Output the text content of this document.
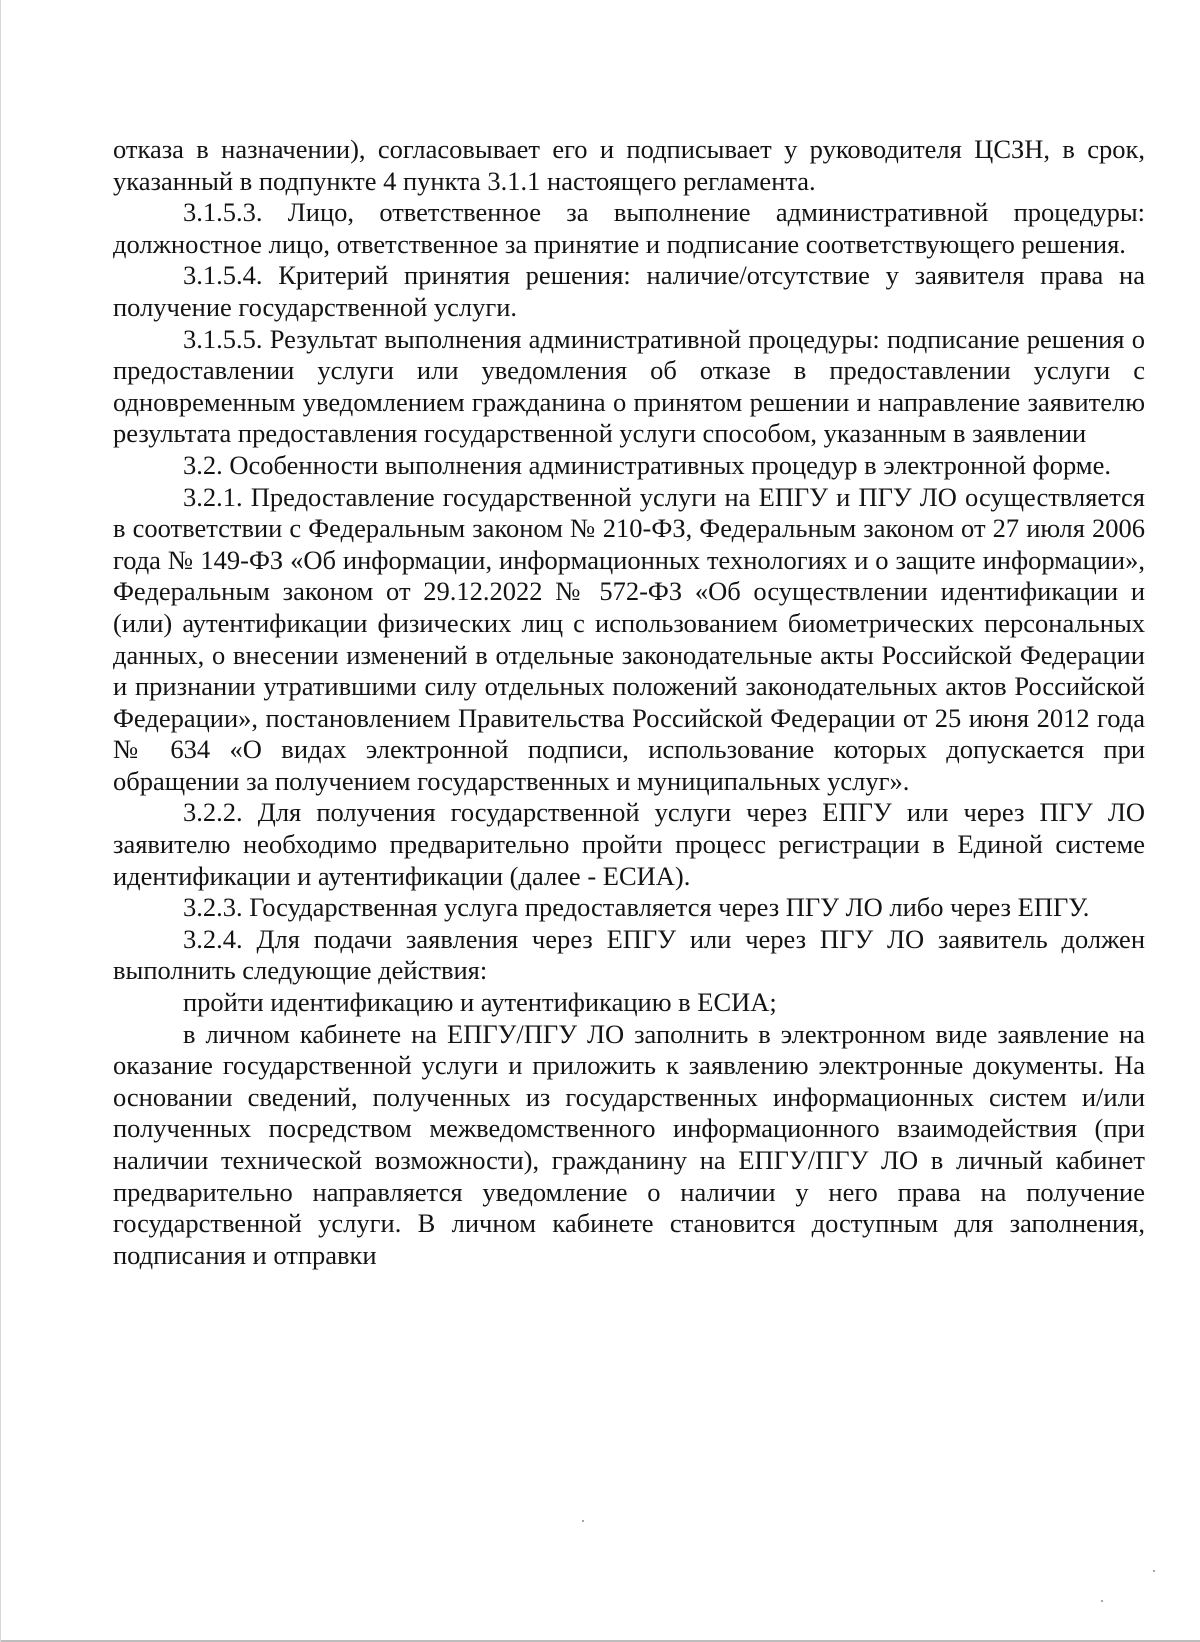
отказа в назначении), согласовывает его и подписывает у руководителя ЦСЗН, в срок, указанный в подпункте 4 пункта 3.1.1 настоящего регламента.

3.1.5.3. Лицо, ответственное за выполнение административной процедуры: должностное лицо, ответственное за принятие и подписание соответствующего решения.

3.1.5.4. Критерий принятия решения: наличие/отсутствие у заявителя права на получение государственной услуги.

3.1.5.5. Результат выполнения административной процедуры: подписание решения о предоставлении услуги или уведомления об отказе в предоставлении услуги с одновременным уведомлением гражданина о принятом решении и направление заявителю результата предоставления государственной услуги способом, указанным в заявлении

3.2. Особенности выполнения административных процедур в электронной форме.

3.2.1. Предоставление государственной услуги на ЕПГУ и ПГУ ЛО осуществляется в соответствии с Федеральным законом № 210-ФЗ, Федеральным законом от 27 июля 2006 года № 149-ФЗ «Об информации, информационных технологиях и о защите информации», Федеральным законом от 29.12.2022 № 572-ФЗ «Об осуществлении идентификации и (или) аутентификации физических лиц с использованием биометрических персональных данных, о внесении изменений в отдельные законодательные акты Российской Федерации и признании утратившими силу отдельных положений законодательных актов Российской Федерации», постановлением Правительства Российской Федерации от 25 июня 2012 года № 634 «О видах электронной подписи, использование которых допускается при обращении за получением государственных и муниципальных услуг».

3.2.2. Для получения государственной услуги через ЕПГУ или через ПГУ ЛО заявителю необходимо предварительно пройти процесс регистрации в Единой системе идентификации и аутентификации (далее - ЕСИА).

3.2.3. Государственная услуга предоставляется через ПГУ ЛО либо через ЕПГУ.

3.2.4. Для подачи заявления через ЕПГУ или через ПГУ ЛО заявитель должен выполнить следующие действия:

пройти идентификацию и аутентификацию в ЕСИА;

в личном кабинете на ЕПГУ/ПГУ ЛО заполнить в электронном виде заявление на оказание государственной услуги и приложить к заявлению электронные документы. На основании сведений, полученных из государственных информационных систем и/или полученных посредством межведомственного информационного взаимодействия (при наличии технической возможности), гражданину на ЕПГУ/ПГУ ЛО в личный кабинет предварительно направляется уведомление о наличии у него права на получение государственной услуги. В личном кабинете становится доступным для заполнения, подписания и отправки
